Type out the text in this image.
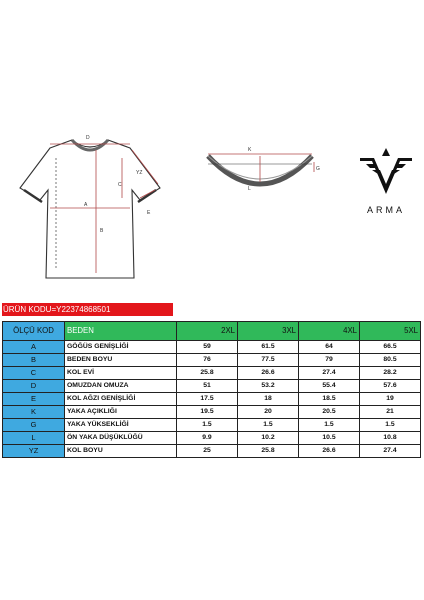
D
YZ
C
E
A
B
K
G
L
ARMA
ÜRÜN KODU=Y22374868501
ÖLÇÜ KOD	BEDEN	2XL	3XL	4XL	5XL
A	GÖĞÜS GENİŞLİĞİ	59	61.5	64	66.5
B	BEDEN BOYU	76	77.5	79	80.5
C	KOL EVİ	25.8	26.6	27.4	28.2
D	OMUZDAN OMUZA	51	53.2	55.4	57.6
E	KOL AĞZI GENİŞLİĞİ	17.5	18	18.5	19
K	YAKA AÇIKLIĞI	19.5	20	20.5	21
G	YAKA YÜKSEKLİĞİ	1.5	1.5	1.5	1.5
L	ÖN YAKA DÜŞÜKLÜĞÜ	9.9	10.2	10.5	10.8
YZ	KOL BOYU	25	25.8	26.6	27.4
